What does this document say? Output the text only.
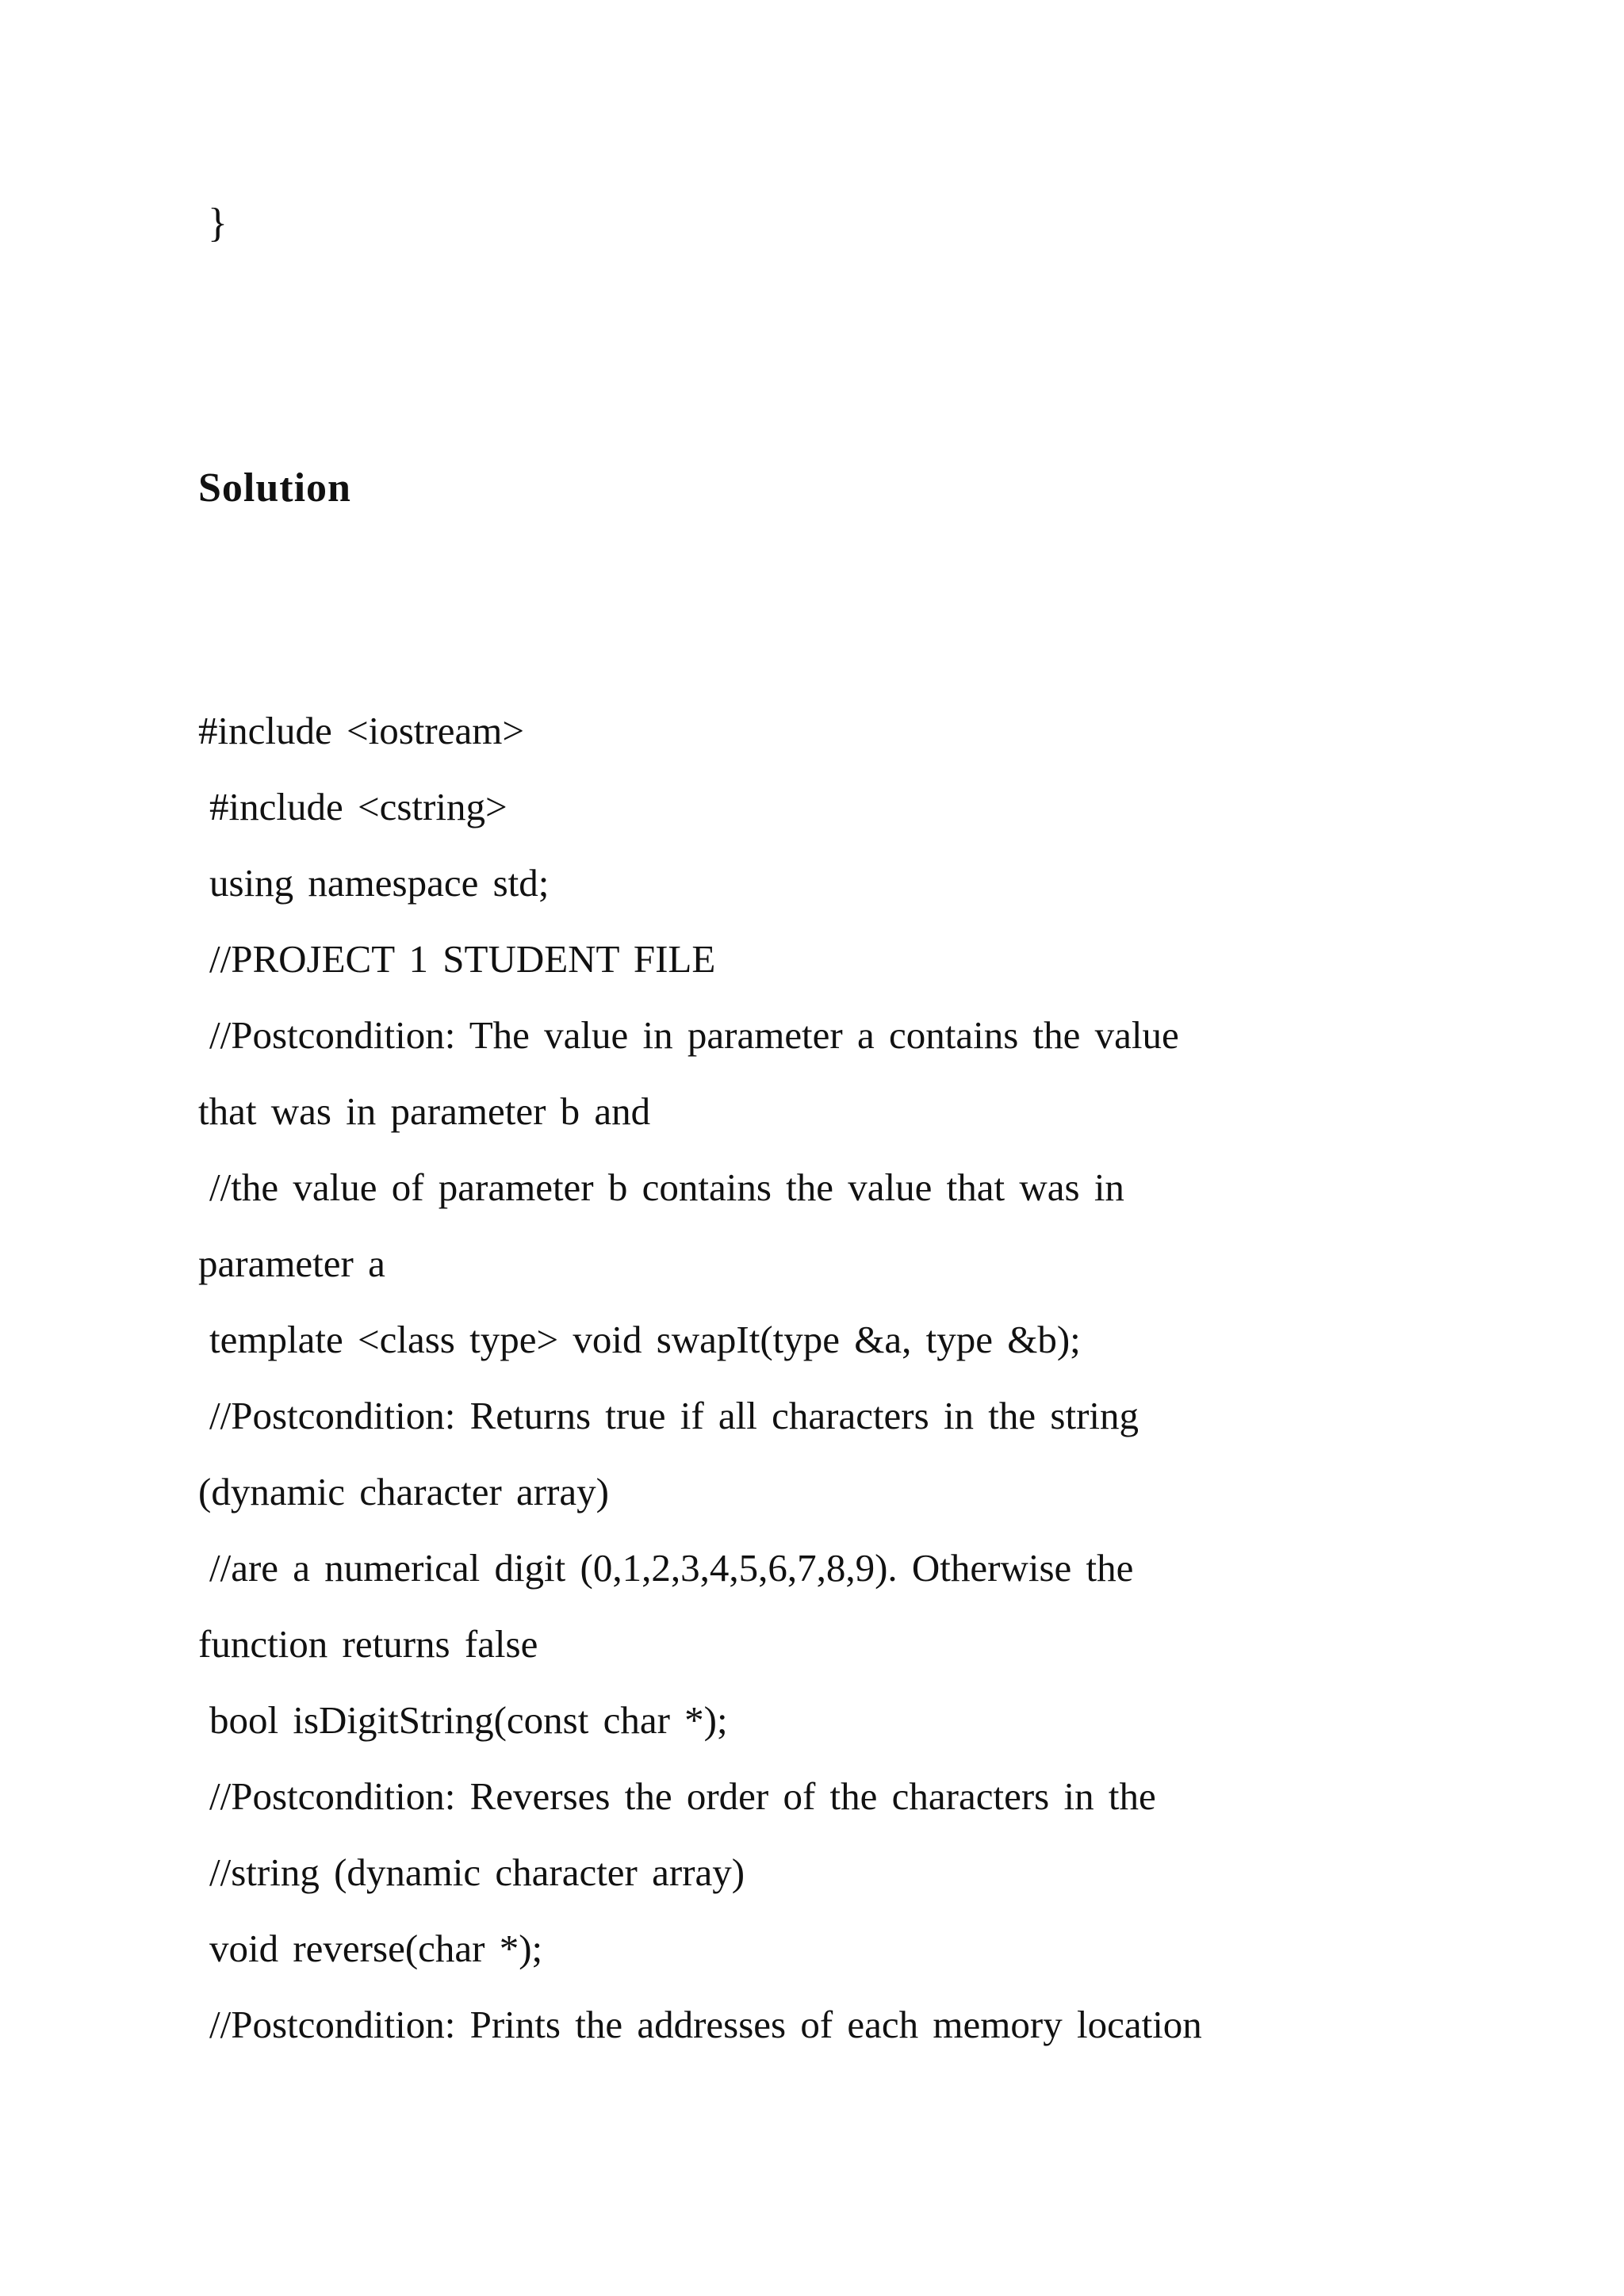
}
Solution
#include <iostream>
#include <cstring>
using namespace std;
//PROJECT 1 STUDENT FILE
//Postcondition: The value in parameter a contains the value
that was in parameter b and
//the value of parameter b contains the value that was in
parameter a
template <class type> void swapIt(type &a, type &b);
//Postcondition: Returns true if all characters in the string
(dynamic character array)
//are a numerical digit (0,1,2,3,4,5,6,7,8,9). Otherwise the
function returns false
bool isDigitString(const char *);
//Postcondition: Reverses the order of the characters in the
//string (dynamic character array)
void reverse(char *);
//Postcondition: Prints the addresses of each memory location
